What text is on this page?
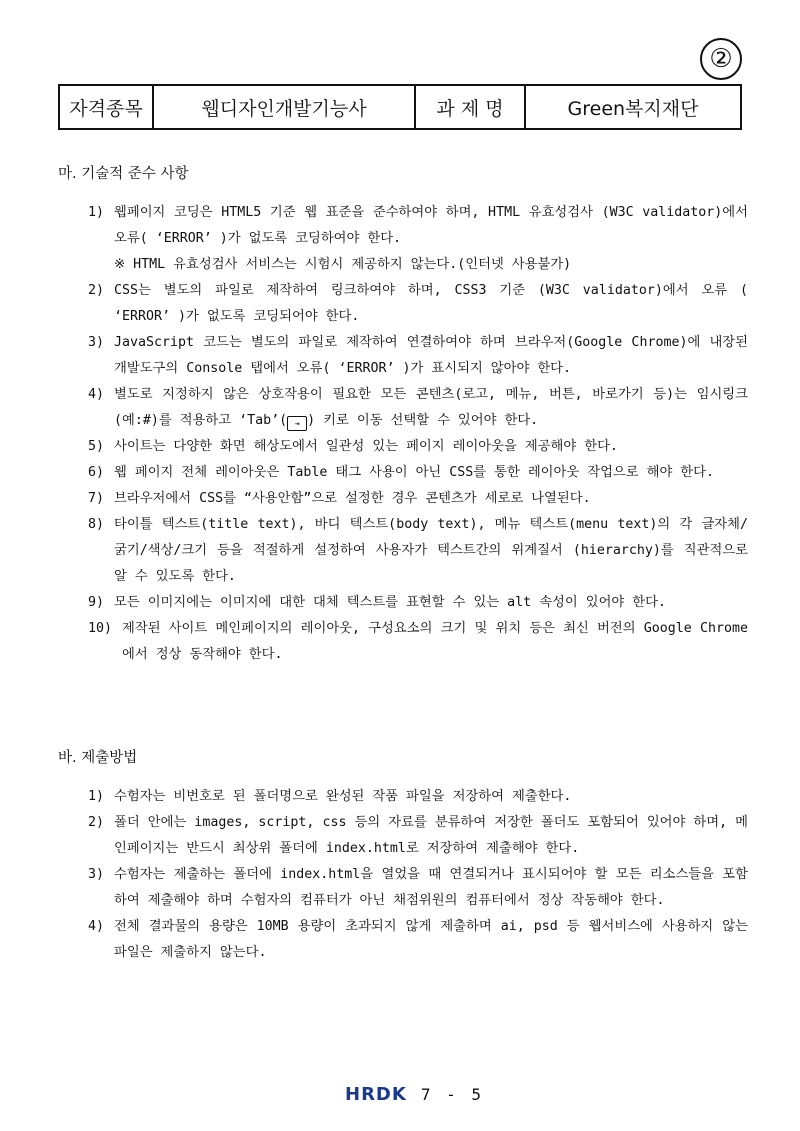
②
자격종목	웹디자인개발기능사	과 제 명	Green복지재단
마. 기술적 준수 사항
1) 웹페이지 코딩은 HTML5 기준 웹 표준을 준수하여야 하며, HTML 유효성검사 (W3C validator)에서 오류( ‘ERROR’ )가 없도록 코딩하여야 한다.
※ HTML 유효성검사 서비스는 시험시 제공하지 않는다.(인터넷 사용불가)
2) CSS는 별도의 파일로 제작하여 링크하여야 하며, CSS3 기준 (W3C validator)에서 오류 ( ‘ERROR’ )가 없도록 코딩되어야 한다.
3) JavaScript 코드는 별도의 파일로 제작하여 연결하여야 하며 브라우저(Google Chrome)에 내장된 개발도구의 Console 탭에서 오류( ‘ERROR’ )가 표시되지 않아야 한다.
4) 별도로 지정하지 않은 상호작용이 필요한 모든 콘텐츠(로고, 메뉴, 버튼, 바로가기 등)는 임시링크(예:#)를 적용하고 ‘Tab’( ⇥ ) 키로 이동 선택할 수 있어야 한다.
5) 사이트는 다양한 화면 해상도에서 일관성 있는 페이지 레이아웃을 제공해야 한다.
6) 웹 페이지 전체 레이아웃은 Table 태그 사용이 아닌 CSS를 통한 레이아웃 작업으로 해야 한다.
7) 브라우저에서 CSS를 “사용안함”으로 설정한 경우 콘텐츠가 세로로 나열된다.
8) 타이틀 텍스트(title text), 바디 텍스트(body text), 메뉴 텍스트(menu text)의 각 글자체/굵기/색상/크기 등을 적절하게 설정하여 사용자가 텍스트간의 위계질서 (hierarchy)를 직관적으로 알 수 있도록 한다.
9) 모든 이미지에는 이미지에 대한 대체 텍스트를 표현할 수 있는 alt 속성이 있어야 한다.
10) 제작된 사이트 메인페이지의 레이아웃, 구성요소의 크기 및 위치 등은 최신 버전의 Google Chrome에서 정상 동작해야 한다.
바. 제출방법
1) 수험자는 비번호로 된 폴더명으로 완성된 작품 파일을 저장하여 제출한다.
2) 폴더 안에는 images, script, css 등의 자료를 분류하여 저장한 폴더도 포함되어 있어야 하며, 메인페이지는 반드시 최상위 폴더에 index.html로 저장하여 제출해야 한다.
3) 수험자는 제출하는 폴더에 index.html을 열었을 때 연결되거나 표시되어야 할 모든 리소스들을 포함하여 제출해야 하며 수험자의 컴퓨터가 아닌 채점위원의 컴퓨터에서 정상 작동해야 한다.
4) 전체 결과물의 용량은 10MB 용량이 초과되지 않게 제출하며 ai, psd 등 웹서비스에 사용하지 않는 파일은 제출하지 않는다.
HRDK 7 - 5
